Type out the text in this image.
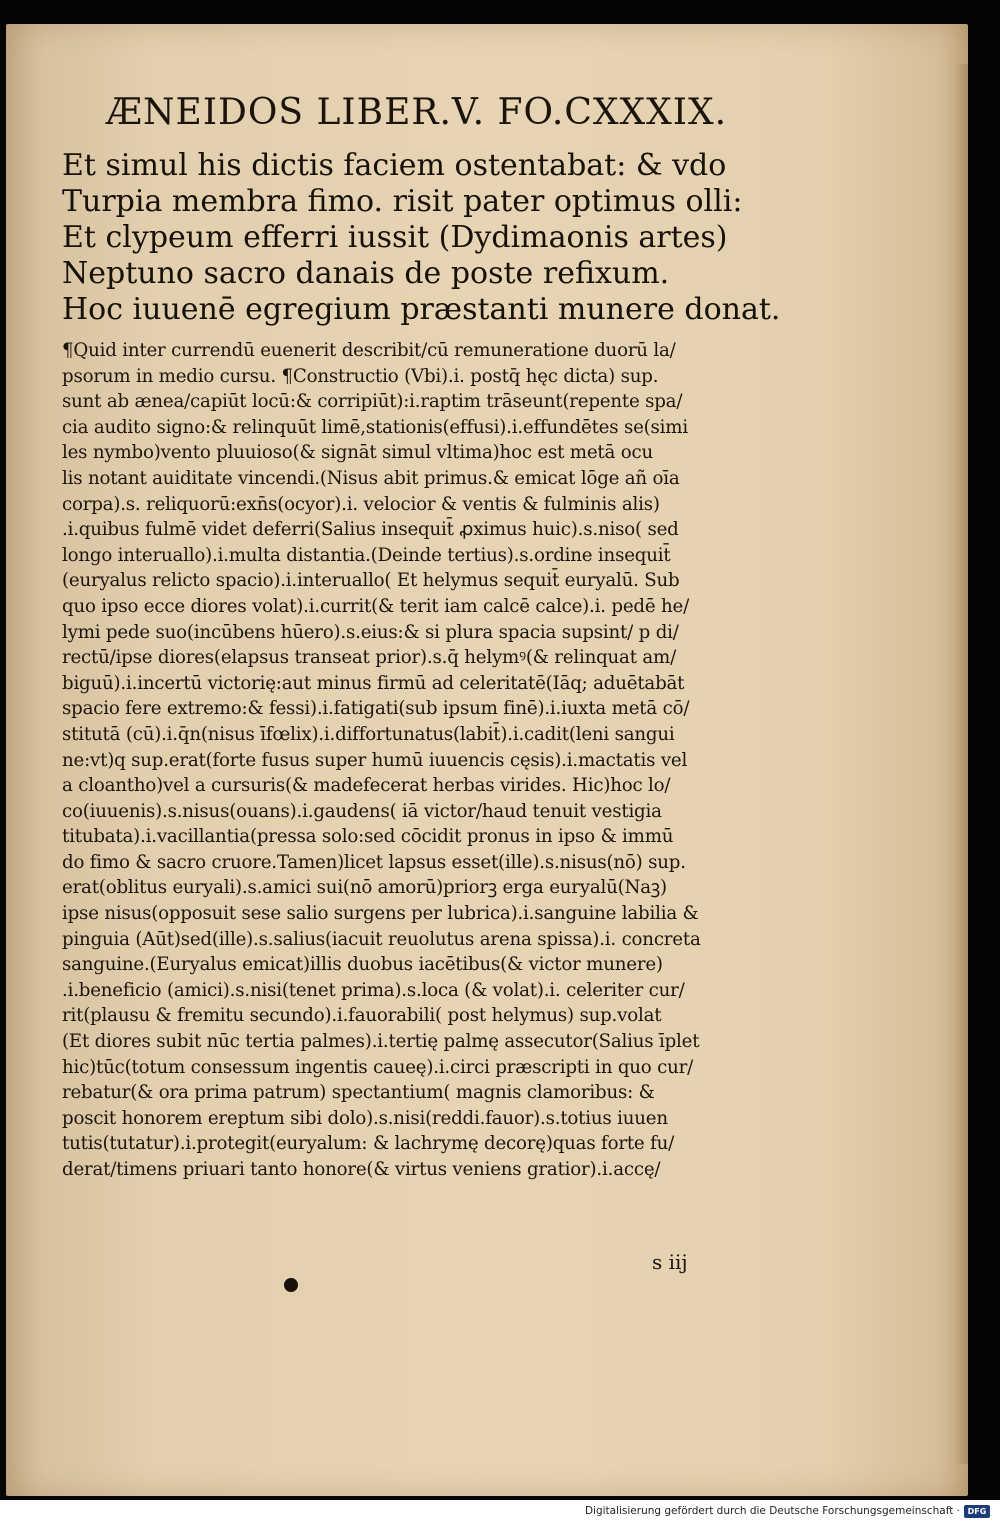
ÆNEIDOS LIBER.V. FO.CXXXIX.
Et simul his dictis faciem ostentabat: & vdo
Turpia membra fimo. risit pater optimus olli:
Et clypeum efferri iussit (Dydimaonis artes)
Neptuno sacro danais de poste refixum.
Hoc iuuenē egregium præstanti munere donat.
¶Quid inter currendū euenerit describit/cū remuneratione duorū la/
psorum in medio cursu. ¶Constructio (Vbi).i. postq̄ hęc dicta) sup.
sunt ab ænea/capiūt locū:& corripiūt):i.raptim trāseunt(repente spa/
cia audito signo:& relinquūt limē,stationis(effusi).i.effundētes se(simi
les nymbo)vento pluuioso(& signāt simul vltima)hoc est metā ocu
lis notant auiditate vincendi.(Nisus abit primus.& emicat lōge añ oīa
corpa).s. reliquorū:exn̄s(ocyor).i. velocior & ventis & fulminis alis)
.i.quibus fulmē videt deferri(Salius insequit̄ ꝓximus huic).s.niso( sed
longo interuallo).i.multa distantia.(Deinde tertius).s.ordine insequit̄
(euryalus relicto spacio).i.interuallo( Et helymus sequit̄ euryalū. Sub
quo ipso ecce diores volat).i.currit(& terit iam calcē calce).i. pedē he/
lymi pede suo(incūbens hūero).s.eius:& si plura spacia supsint/ p di/
rectū/ipse diores(elapsus transeat prior).s.q̄ helymꝰ(& relinquat am/
biguū).i.incertū victorię:aut minus firmū ad celeritatē(Iāq; aduētabāt
spacio fere extremo:& fessi).i.fatigati(sub ipsum finē).i.iuxta metā cō/
stitutā (cū).i.q̄n(nisus īfœlix).i.diffortunatus(labit̄).i.cadit(leni sangui
ne:vt)q sup.erat(forte fusus super humū iuuencis cęsis).i.mactatis vel
a cloantho)vel a cursuris(& madefecerat herbas virides. Hic)hoc lo/
co(iuuenis).s.nisus(ouans).i.gaudens( iā victor/haud tenuit vestigia
titubata).i.vacillantia(pressa solo:sed cōcidit pronus in ipso & immū
do fimo & sacro cruore.Tamen)licet lapsus esset(ille).s.nisus(nō) sup.
erat(oblitus euryali).s.amici sui(nō amorū)priorꝫ erga euryalū(Naꝫ)
ipse nisus(opposuit sese salio surgens per lubrica).i.sanguine labilia &
pinguia (Aūt)sed(ille).s.salius(iacuit reuolutus arena spissa).i. concreta
sanguine.(Euryalus emicat)illis duobus iacētibus(& victor munere)
.i.beneficio (amici).s.nisi(tenet prima).s.loca (& volat).i. celeriter cur/
rit(plausu & fremitu secundo).i.fauorabili( post helymus) sup.volat
(Et diores subit nūc tertia palmes).i.tertię palmę assecutor(Salius īplet
hic)tūc(totum consessum ingentis caueę).i.circi præscripti in quo cur/
rebatur(& ora prima patrum) spectantium( magnis clamoribus: &
poscit honorem ereptum sibi dolo).s.nisi(reddi.fauor).s.totius iuuen
tutis(tutatur).i.protegit(euryalum: & lachrymę decorę)quas forte fu/
derat/timens priuari tanto honore(& virtus veniens gratior).i.accę/
s iij
Digitalisierung gefördert durch die Deutsche Forschungsgemeinschaft · DFG
